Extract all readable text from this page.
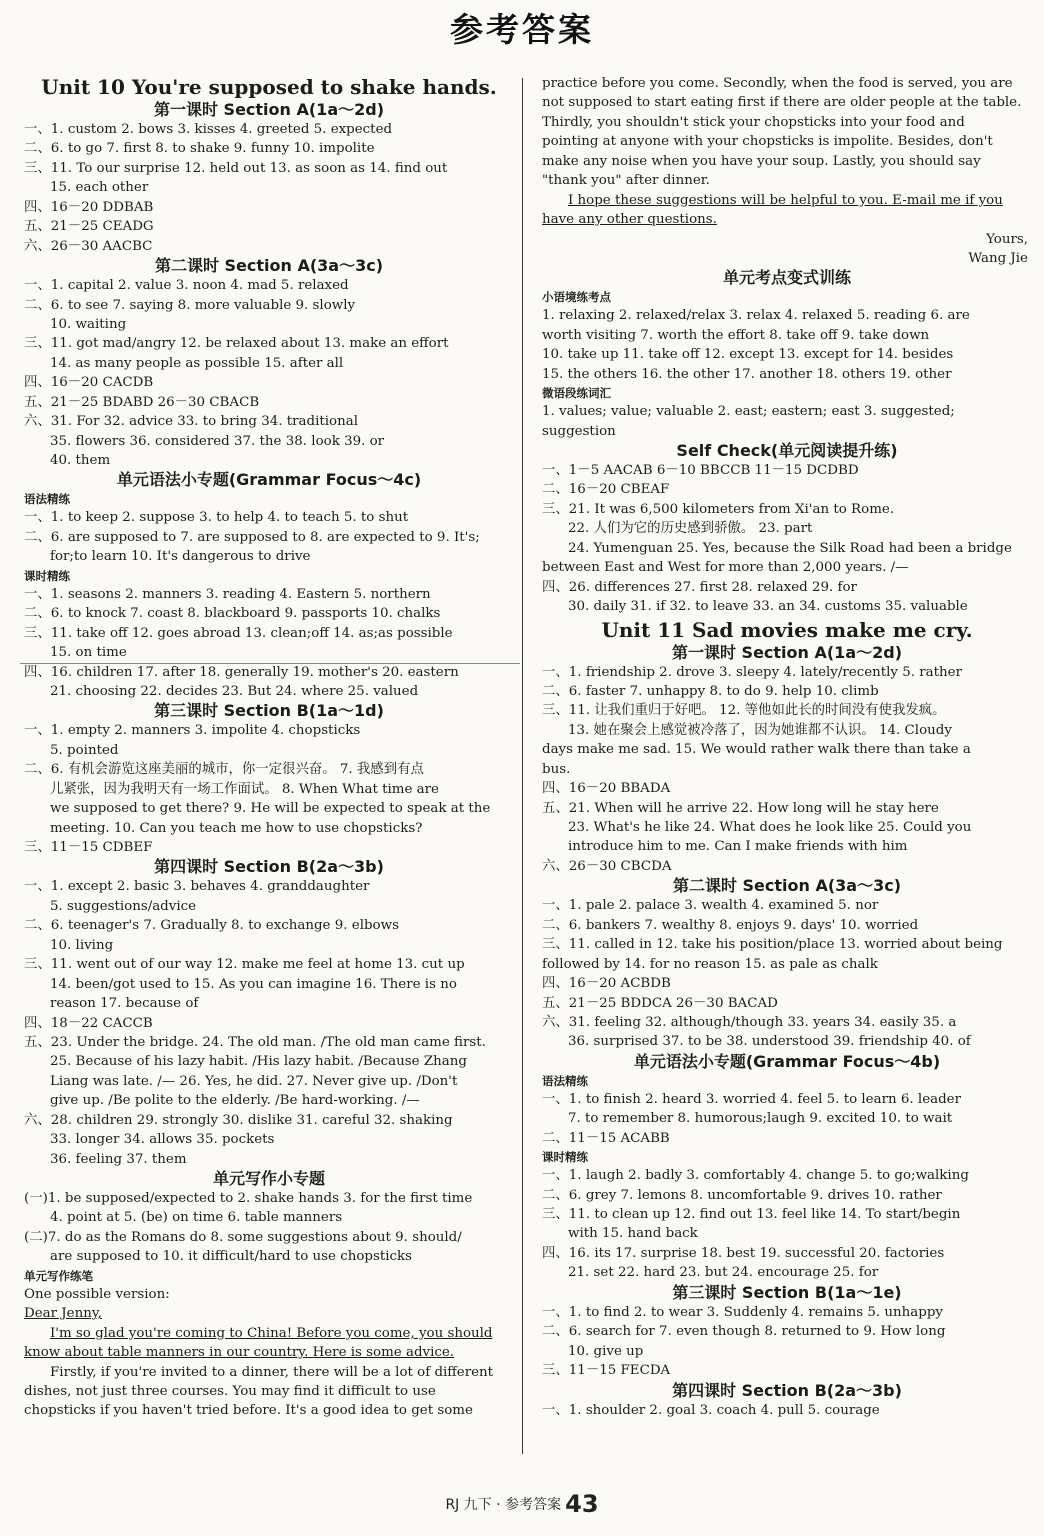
参考答案
Unit 10 You're supposed to shake hands.
第一课时 Section A(1a～2d)
一、1. custom 2. bows 3. kisses 4. greeted 5. expected
二、6. to go 7. first 8. to shake 9. funny 10. impolite
三、11. To our surprise 12. held out 13. as soon as 14. find out
15. each other
四、16－20 DDBAB
五、21－25 CEADG
六、26－30 AACBC
第二课时 Section A(3a～3c)
一、1. capital 2. value 3. noon 4. mad 5. relaxed
二、6. to see 7. saying 8. more valuable 9. slowly
10. waiting
三、11. got mad/angry 12. be relaxed about 13. make an effort
14. as many people as possible 15. after all
四、16－20 CACDB
五、21－25 BDABD 26－30 CBACB
六、31. For 32. advice 33. to bring 34. traditional
35. flowers 36. considered 37. the 38. look 39. or
40. them
单元语法小专题(Grammar Focus～4c)
语法精练
一、1. to keep 2. suppose 3. to help 4. to teach 5. to shut
二、6. are supposed to 7. are supposed to 8. are expected to 9. It's;
for;to learn 10. It's dangerous to drive
课时精练
一、1. seasons 2. manners 3. reading 4. Eastern 5. northern
二、6. to knock 7. coast 8. blackboard 9. passports 10. chalks
三、11. take off 12. goes abroad 13. clean;off 14. as;as possible
15. on time
四、16. children 17. after 18. generally 19. mother's 20. eastern
21. choosing 22. decides 23. But 24. where 25. valued
第三课时 Section B(1a～1d)
一、1. empty 2. manners 3. impolite 4. chopsticks
5. pointed
二、6. 有机会游览这座美丽的城市，你一定很兴奋。 7. 我感到有点
儿紧张，因为我明天有一场工作面试。 8. When What time are
we supposed to get there? 9. He will be expected to speak at the
meeting. 10. Can you teach me how to use chopsticks?
三、11－15 CDBEF
第四课时 Section B(2a～3b)
一、1. except 2. basic 3. behaves 4. granddaughter
5. suggestions/advice
二、6. teenager's 7. Gradually 8. to exchange 9. elbows
10. living
三、11. went out of our way 12. make me feel at home 13. cut up
14. been/got used to 15. As you can imagine 16. There is no
reason 17. because of
四、18－22 CACCB
五、23. Under the bridge. 24. The old man. /The old man came first.
25. Because of his lazy habit. /His lazy habit. /Because Zhang
Liang was late. /— 26. Yes, he did. 27. Never give up. /Don't
give up. /Be polite to the elderly. /Be hard-working. /—
六、28. children 29. strongly 30. dislike 31. careful 32. shaking
33. longer 34. allows 35. pockets
36. feeling 37. them
单元写作小专题
(一)1. be supposed/expected to 2. shake hands 3. for the first time
4. point at 5. (be) on time 6. table manners
(二)7. do as the Romans do 8. some suggestions about 9. should/
are supposed to 10. it difficult/hard to use chopsticks
单元写作练笔
One possible version:
Dear Jenny,
I'm so glad you're coming to China! Before you come, you should
know about table manners in our country. Here is some advice.
Firstly, if you're invited to a dinner, there will be a lot of different
dishes, not just three courses. You may find it difficult to use
chopsticks if you haven't tried before. It's a good idea to get some
practice before you come. Secondly, when the food is served, you are
not supposed to start eating first if there are older people at the table.
Thirdly, you shouldn't stick your chopsticks into your food and
pointing at anyone with your chopsticks is impolite. Besides, don't
make any noise when you have your soup. Lastly, you should say
"thank you" after dinner.
I hope these suggestions will be helpful to you. E-mail me if you
have any other questions.
Yours,
Wang Jie
单元考点变式训练
小语境练考点
1. relaxing 2. relaxed/relax 3. relax 4. relaxed 5. reading 6. are
worth visiting 7. worth the effort 8. take off 9. take down
10. take up 11. take off 12. except 13. except for 14. besides
15. the others 16. the other 17. another 18. others 19. other
微语段练词汇
1. values; value; valuable 2. east; eastern; east 3. suggested;
suggestion
Self Check(单元阅读提升练)
一、1－5 AACAB 6－10 BBCCB 11－15 DCDBD
二、16－20 CBEAF
三、21. It was 6,500 kilometers from Xi'an to Rome.
22. 人们为它的历史感到骄傲。 23. part
24. Yumenguan 25. Yes, because the Silk Road had been a bridge
between East and West for more than 2,000 years. /—
四、26. differences 27. first 28. relaxed 29. for
30. daily 31. if 32. to leave 33. an 34. customs 35. valuable
Unit 11 Sad movies make me cry.
第一课时 Section A(1a～2d)
一、1. friendship 2. drove 3. sleepy 4. lately/recently 5. rather
二、6. faster 7. unhappy 8. to do 9. help 10. climb
三、11. 让我们重归于好吧。 12. 等他如此长的时间没有使我发疯。
13. 她在聚会上感觉被冷落了，因为她谁都不认识。 14. Cloudy
days make me sad. 15. We would rather walk there than take a
bus.
四、16－20 BBADA
五、21. When will he arrive 22. How long will he stay here
23. What's he like 24. What does he look like 25. Could you
introduce him to me. Can I make friends with him
六、26－30 CBCDA
第二课时 Section A(3a～3c)
一、1. pale 2. palace 3. wealth 4. examined 5. nor
二、6. bankers 7. wealthy 8. enjoys 9. days' 10. worried
三、11. called in 12. take his position/place 13. worried about being
followed by 14. for no reason 15. as pale as chalk
四、16－20 ACBDB
五、21－25 BDDCA 26－30 BACAD
六、31. feeling 32. although/though 33. years 34. easily 35. a
36. surprised 37. to be 38. understood 39. friendship 40. of
单元语法小专题(Grammar Focus～4b)
语法精练
一、1. to finish 2. heard 3. worried 4. feel 5. to learn 6. leader
7. to remember 8. humorous;laugh 9. excited 10. to wait
二、11－15 ACABB
课时精练
一、1. laugh 2. badly 3. comfortably 4. change 5. to go;walking
二、6. grey 7. lemons 8. uncomfortable 9. drives 10. rather
三、11. to clean up 12. find out 13. feel like 14. To start/begin
with 15. hand back
四、16. its 17. surprise 18. best 19. successful 20. factories
21. set 22. hard 23. but 24. encourage 25. for
第三课时 Section B(1a～1e)
一、1. to find 2. to wear 3. Suddenly 4. remains 5. unhappy
二、6. search for 7. even though 8. returned to 9. How long
10. give up
三、11－15 FECDA
第四课时 Section B(2a～3b)
一、1. shoulder 2. goal 3. coach 4. pull 5. courage
RJ 九下 · 参考答案 43
